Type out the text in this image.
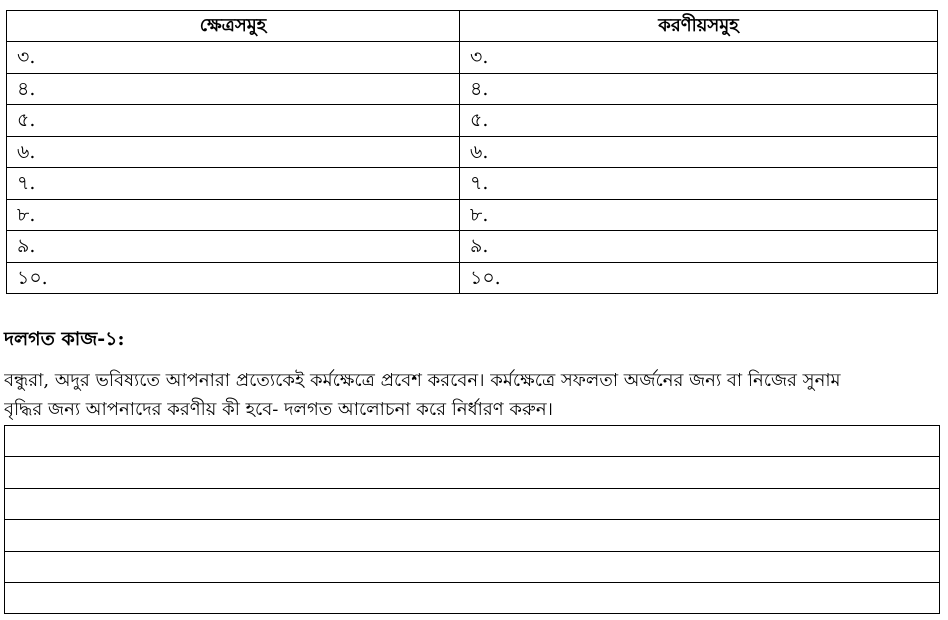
ক্ষেত্রসমুহ	করণীয়সমুহ
৩.	৩.
৪.	৪.
৫.	৫.
৬.	৬.
৭.	৭.
৮.	৮.
৯.	৯.
১০.	১০.
দলগত কাজ-১:
বন্ধুরা, অদুর ভবিষ্যতে আপনারা প্রত্যেকেই কর্মক্ষেত্রে প্রবেশ করবেন। কর্মক্ষেত্রে সফলতা অর্জনের জন্য বা নিজের সুনাম
বৃদ্ধির জন্য আপনাদের করণীয় কী হবে- দলগত আলোচনা করে নির্ধারণ করুন।
